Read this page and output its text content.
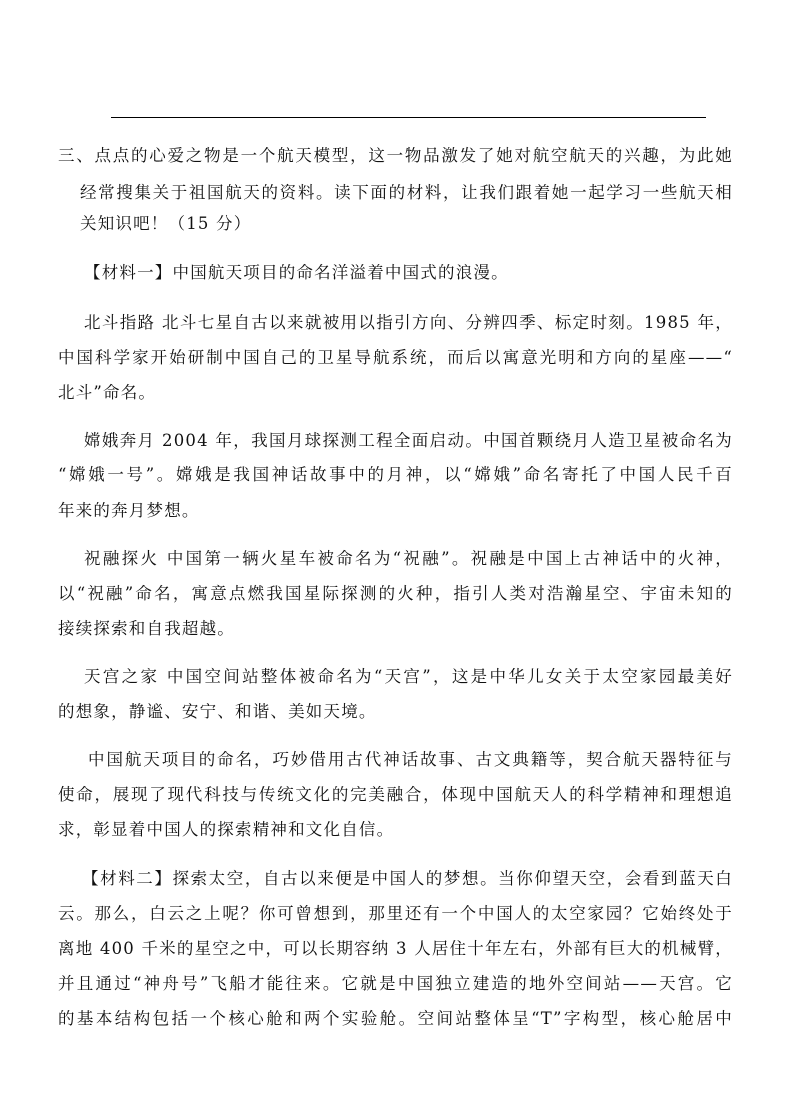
三、点点的心爱之物是一个航天模型，这一物品激发了她对航空航天的兴趣，为此她
经常搜集关于祖国航天的资料。读下面的材料，让我们跟着她一起学习一些航天相
关知识吧！（15 分）
【材料一】中国航天项目的命名洋溢着中国式的浪漫。
北斗指路 北斗七星自古以来就被用以指引方向、分辨四季、标定时刻。1985 年，
中国科学家开始研制中国自己的卫星导航系统，而后以寓意光明和方向的星座——“
北斗”命名。
嫦娥奔月 2004 年，我国月球探测工程全面启动。中国首颗绕月人造卫星被命名为
“嫦娥一号”。嫦娥是我国神话故事中的月神，以“嫦娥”命名寄托了中国人民千百
年来的奔月梦想。
祝融探火 中国第一辆火星车被命名为“祝融”。祝融是中国上古神话中的火神，
以“祝融”命名，寓意点燃我国星际探测的火种，指引人类对浩瀚星空、宇宙未知的
接续探索和自我超越。
天宫之家 中国空间站整体被命名为“天宫”，这是中华儿女关于太空家园最美好
的想象，静谧、安宁、和谐、美如天境。
中国航天项目的命名，巧妙借用古代神话故事、古文典籍等，契合航天器特征与
使命，展现了现代科技与传统文化的完美融合，体现中国航天人的科学精神和理想追
求，彰显着中国人的探索精神和文化自信。
【材料二】探索太空，自古以来便是中国人的梦想。当你仰望天空，会看到蓝天白
云。那么，白云之上呢？你可曾想到，那里还有一个中国人的太空家园？它始终处于
离地 400 千米的星空之中，可以长期容纳 3 人居住十年左右，外部有巨大的机械臂，
并且通过“神舟号”飞船才能往来。它就是中国独立建造的地外空间站——天宫。它
的基本结构包括一个核心舱和两个实验舱。空间站整体呈“T”字构型，核心舱居中
